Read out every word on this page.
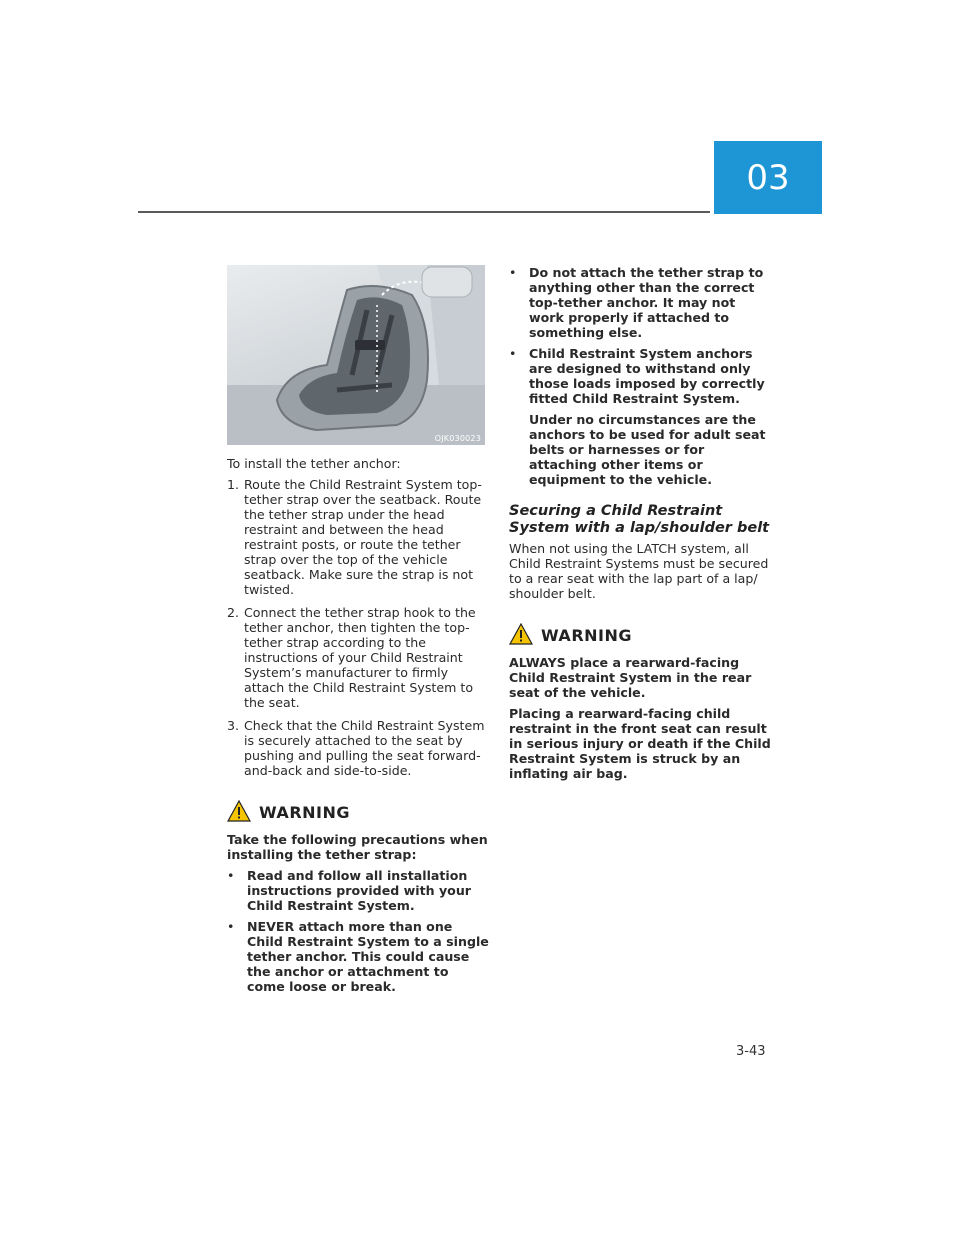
03
OJK030023

To install the tether anchor:

1. Route the Child Restraint System top-tether strap over the seatback. Route the tether strap under the head restraint and between the head restraint posts, or route the tether strap over the top of the vehicle seatback. Make sure the strap is not twisted.
2. Connect the tether strap hook to the tether anchor, then tighten the top-tether strap according to the instructions of your Child Restraint System’s manufacturer to firmly attach the Child Restraint System to the seat.
3. Check that the Child Restraint System is securely attached to the seat by pushing and pulling the seat forward-and-back and side-to-side.
WARNING

Take the following precautions when installing the tether strap:

• Read and follow all installation instructions provided with your Child Restraint System.
• NEVER attach more than one Child Restraint System to a single tether anchor. This could cause the anchor or attachment to come loose or break.
• Do not attach the tether strap to anything other than the correct top-tether anchor. It may not work properly if attached to something else.
• Child Restraint System anchors are designed to withstand only those loads imposed by correctly fitted Child Restraint System.
Under no circumstances are the anchors to be used for adult seat belts or harnesses or for attaching other items or equipment to the vehicle.
Securing a Child Restraint System with a lap/shoulder belt

When not using the LATCH system, all Child Restraint Systems must be secured to a rear seat with the lap part of a lap/ shoulder belt.

WARNING

ALWAYS place a rearward-facing Child Restraint System in the rear seat of the vehicle.

Placing a rearward-facing child restraint in the front seat can result in serious injury or death if the Child Restraint System is struck by an inflating air bag.

3-43
